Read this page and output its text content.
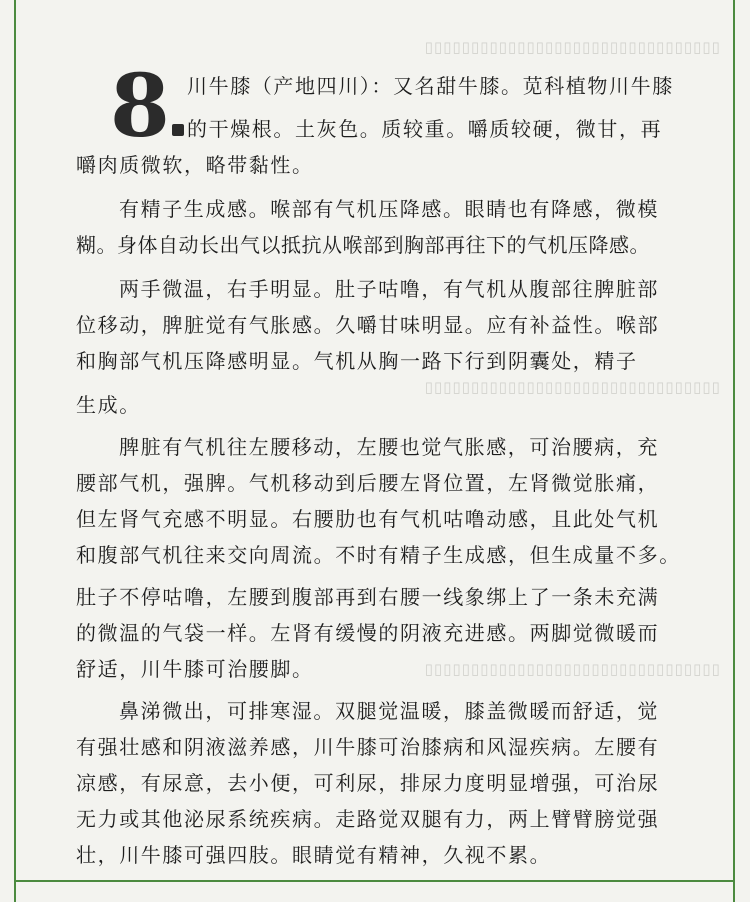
▯▯▯▯▯▯▯▯▯▯▯▯▯▯▯▯▯▯▯▯▯▯▯▯▯▯▯▯▯▯▯▯
▯▯▯▯▯▯▯▯▯▯▯▯▯▯▯▯▯▯▯▯▯▯▯▯▯▯▯▯▯▯▯▯
▯▯▯▯▯▯▯▯▯▯▯▯▯▯▯▯▯▯▯▯▯▯▯▯▯▯▯▯▯▯▯▯
8 川牛膝（产地四川）：又名甜牛膝。苋科植物川牛膝
的干燥根。土灰色。质较重。嚼质较硬，微甘，再
嚼肉质微软，略带黏性。
有精子生成感。喉部有气机压降感。眼睛也有降感，微模
糊。身体自动长出气以抵抗从喉部到胸部再往下的气机压降感。
两手微温，右手明显。肚子咕噜，有气机从腹部往脾脏部
位移动，脾脏觉有气胀感。久嚼甘味明显。应有补益性。喉部
和胸部气机压降感明显。气机从胸一路下行到阴囊处，精子
生成。
脾脏有气机往左腰移动，左腰也觉气胀感，可治腰病，充
腰部气机，强脾。气机移动到后腰左肾位置，左肾微觉胀痛，
但左肾气充感不明显。右腰肋也有气机咕噜动感，且此处气机
和腹部气机往来交向周流。不时有精子生成感，但生成量不多。
肚子不停咕噜，左腰到腹部再到右腰一线象绑上了一条未充满
的微温的气袋一样。左肾有缓慢的阴液充进感。两脚觉微暖而
舒适，川牛膝可治腰脚。
鼻涕微出，可排寒湿。双腿觉温暖，膝盖微暖而舒适，觉
有强壮感和阴液滋养感，川牛膝可治膝病和风湿疾病。左腰有
凉感，有尿意，去小便，可利尿，排尿力度明显增强，可治尿
无力或其他泌尿系统疾病。走路觉双腿有力，两上臂臂膀觉强
壮，川牛膝可强四肢。眼睛觉有精神，久视不累。
